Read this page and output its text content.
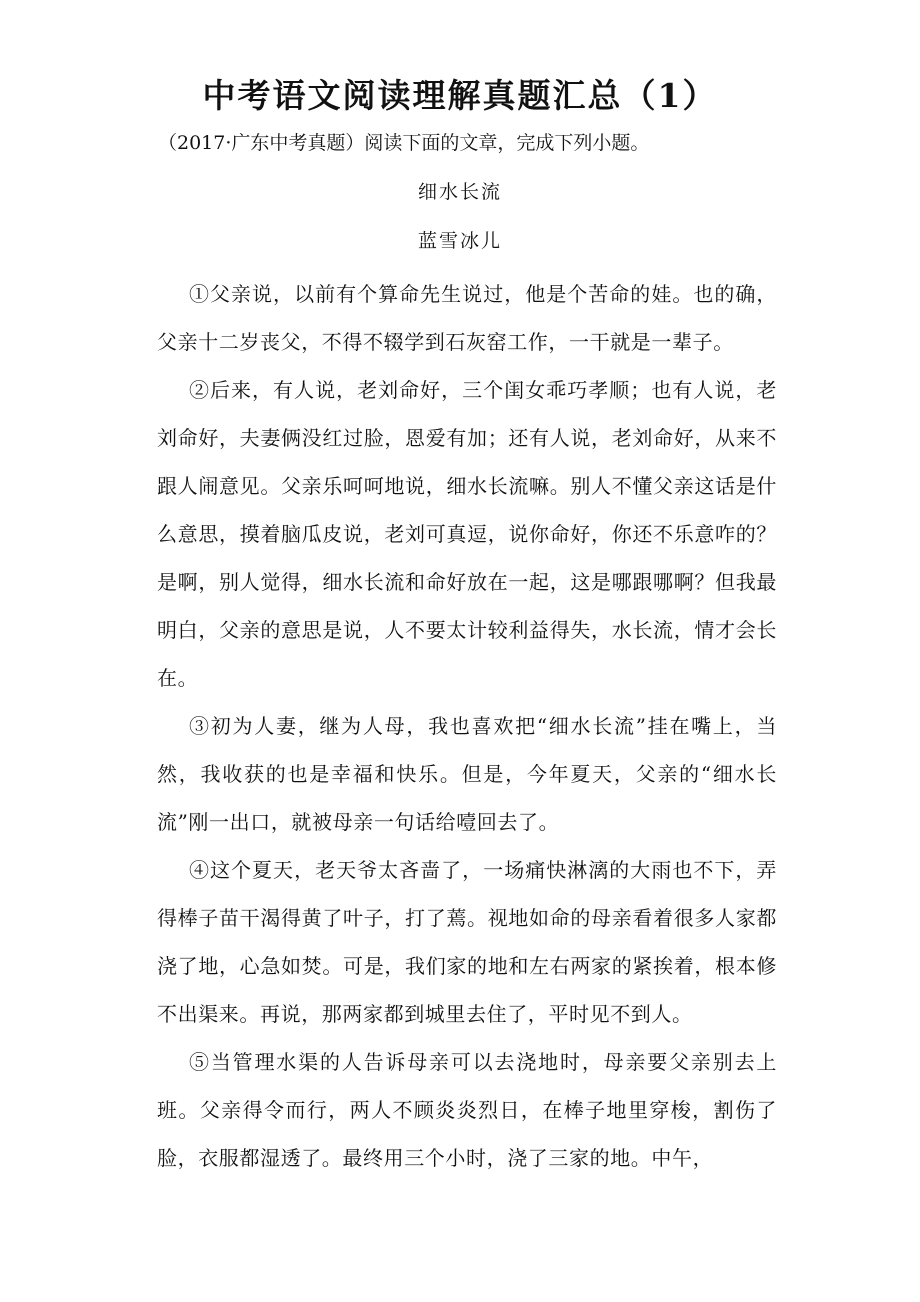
中考语文阅读理解真题汇总（1）
（2017·广东中考真题）阅读下面的文章，完成下列小题。
细水长流
蓝雪冰儿

①父亲说，以前有个算命先生说过，他是个苦命的娃。也的确，父亲十二岁丧父，不得不辍学到石灰窑工作，一干就是一辈子。

②后来，有人说，老刘命好，三个闺女乖巧孝顺；也有人说，老刘命好，夫妻俩没红过脸，恩爱有加；还有人说，老刘命好，从来不跟人闹意见。父亲乐呵呵地说，细水长流嘛。别人不懂父亲这话是什么意思，摸着脑瓜皮说，老刘可真逗，说你命好，你还不乐意咋的？是啊，别人觉得，细水长流和命好放在一起，这是哪跟哪啊？但我最明白，父亲的意思是说，人不要太计较利益得失，水长流，情才会长在。

③初为人妻，继为人母，我也喜欢把“细水长流”挂在嘴上，当然，我收获的也是幸福和快乐。但是，今年夏天，父亲的“细水长流”刚一出口，就被母亲一句话给噎回去了。

④这个夏天，老天爷太吝啬了，一场痛快淋漓的大雨也不下，弄得棒子苗干渴得黄了叶子，打了蔫。视地如命的母亲看着很多人家都浇了地，心急如焚。可是，我们家的地和左右两家的紧挨着，根本修不出渠来。再说，那两家都到城里去住了，平时见不到人。

⑤当管理水渠的人告诉母亲可以去浇地时，母亲要父亲别去上班。父亲得令而行，两人不顾炎炎烈日，在棒子地里穿梭，割伤了脸，衣服都湿透了。最终用三个小时，浇了三家的地。中午，
